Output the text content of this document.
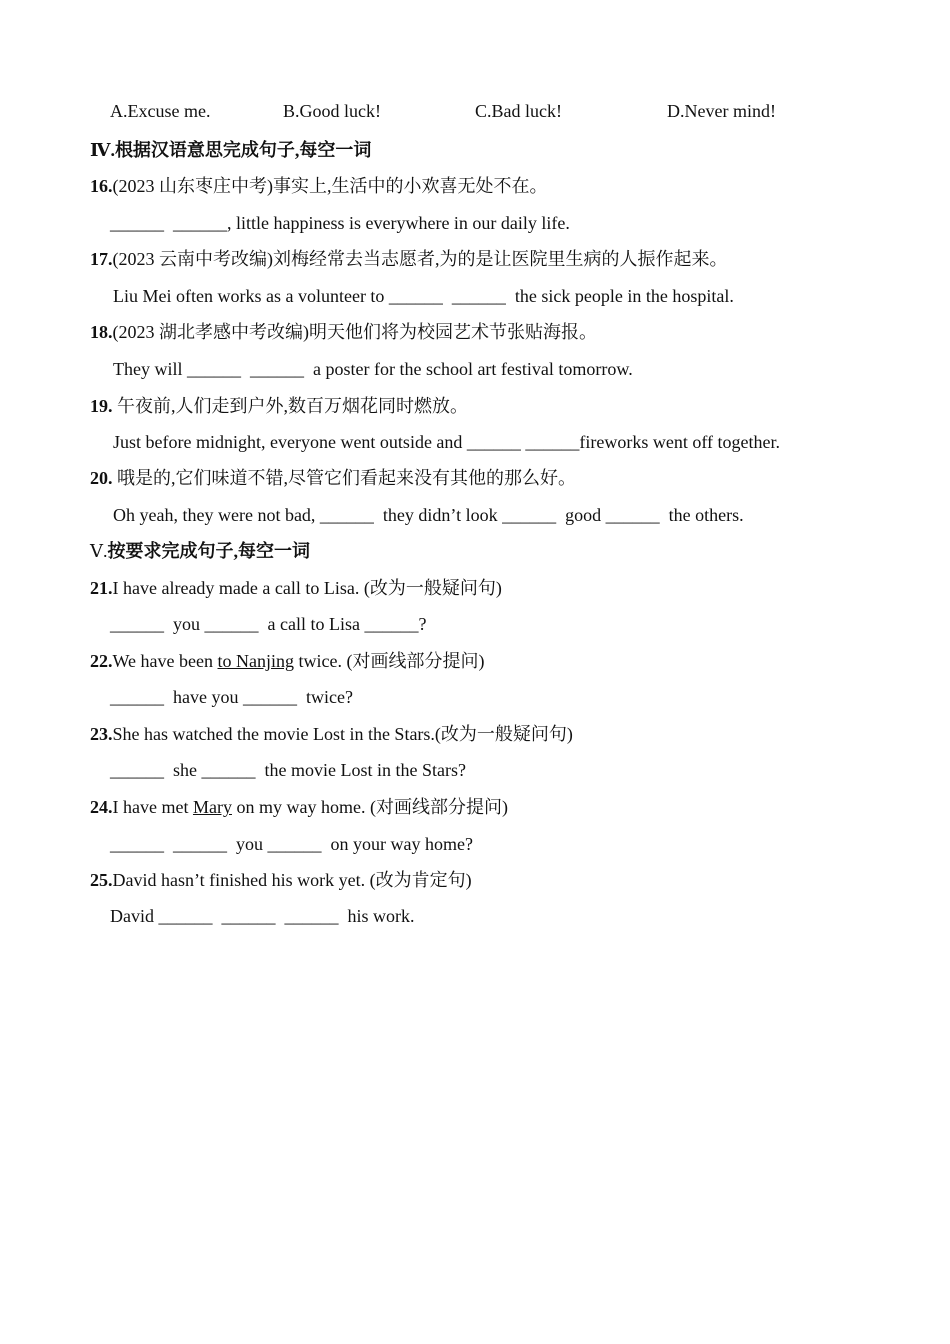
A.Excuse me.	B.Good luck!	C.Bad luck!	D.Never mind!
Ⅳ.根据汉语意思完成句子,每空一词
16.(2023 山东枣庄中考)事实上,生活中的小欢喜无处不在。
______  ______, little happiness is everywhere in our daily life.
17.(2023 云南中考改编)刘梅经常去当志愿者,为的是让医院里生病的人振作起来。
Liu Mei often works as a volunteer to ______  ______  the sick people in the hospital.
18.(2023 湖北孝感中考改编)明天他们将为校园艺术节张贴海报。
They will ______  ______  a poster for the school art festival tomorrow.
19. 午夜前,人们走到户外,数百万烟花同时燃放。
Just before midnight, everyone went outside and ______ ______fireworks went off together.
20. 哦是的,它们味道不错,尽管它们看起来没有其他的那么好。
Oh yeah, they were not bad, ______  they didn’t look ______  good ______  the others.
Ⅴ.按要求完成句子,每空一词
21.I have already made a call to Lisa. (改为一般疑问句)
______  you ______  a call to Lisa ______?
22.We have been to Nanjing twice. (对画线部分提问)
______  have you ______  twice?
23.She has watched the movie Lost in the Stars.(改为一般疑问句)
______  she ______  the movie Lost in the Stars?
24.I have met Mary on my way home. (对画线部分提问)
______  ______  you ______  on your way home?
25.David hasn’t finished his work yet. (改为肯定句)
David ______  ______  ______  his work.
